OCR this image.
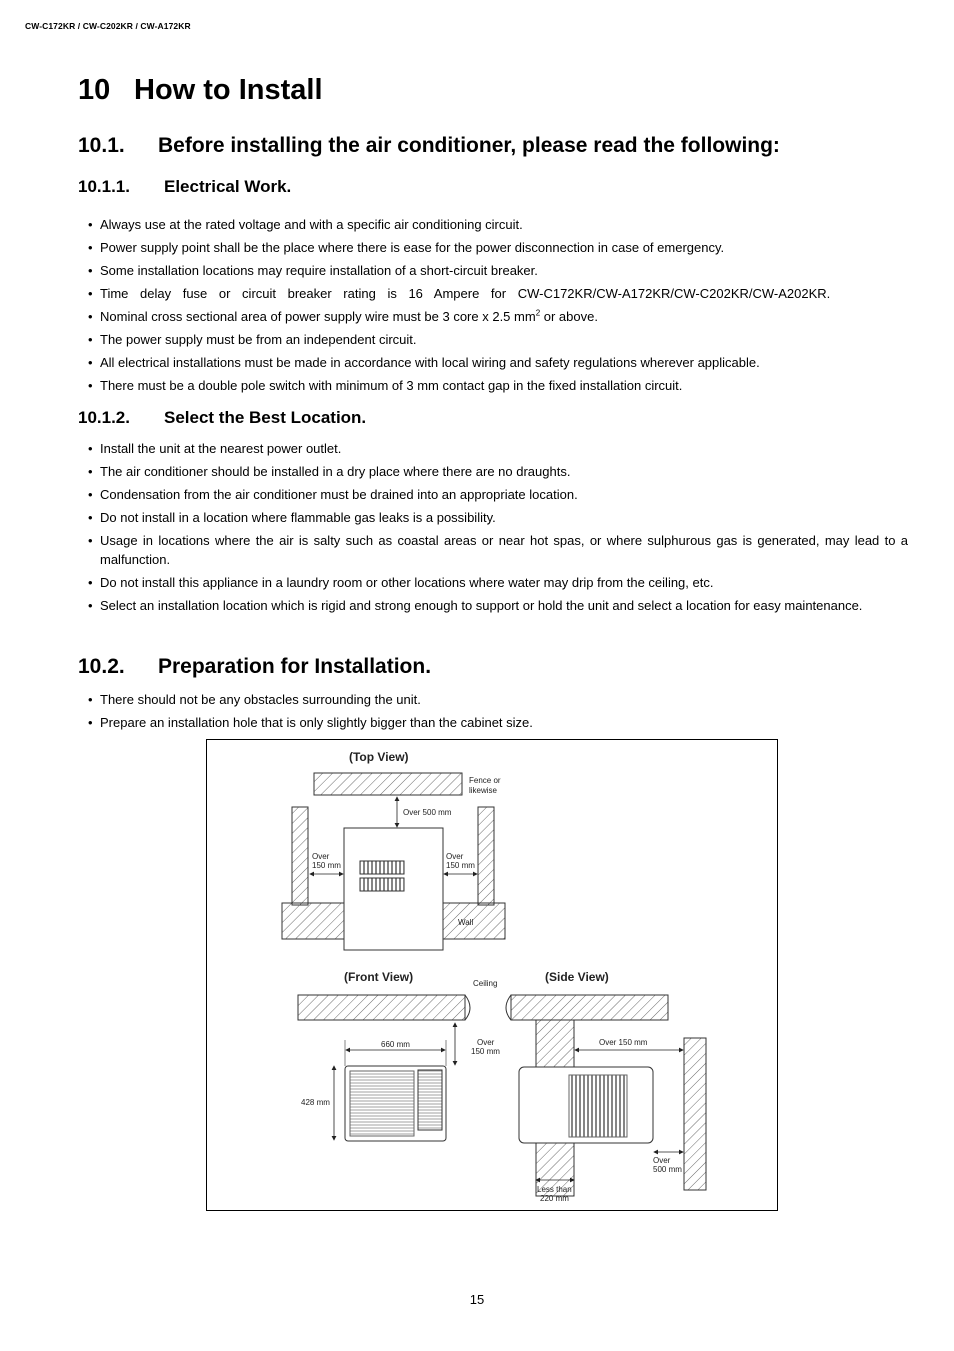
CW-C172KR / CW-C202KR / CW-A172KR
10 How to Install
10.1. Before installing the air conditioner, please read the following:
10.1.1. Electrical Work.
• Always use at the rated voltage and with a specific air conditioning circuit.
• Power supply point shall be the place where there is ease for the power disconnection in case of emergency.
• Some installation locations may require installation of a short-circuit breaker.
• Time delay fuse or circuit breaker rating is 16 Ampere for CW-C172KR/CW-A172KR/CW-C202KR/CW-A202KR.
• Nominal cross sectional area of power supply wire must be 3 core x 2.5 $mm^2$ or above.
• The power supply must be from an independent circuit.
• All electrical installations must be made in accordance with local wiring and safety regulations wherever applicable.
• There must be a double pole switch with minimum of 3 mm contact gap in the fixed installation circuit.
10.1.2. Select the Best Location.
• Install the unit at the nearest power outlet.
• The air conditioner should be installed in a dry place where there are no draughts.
• Condensation from the air conditioner must be drained into an appropriate location.
• Do not install in a location where flammable gas leaks is a possibility.
• Usage in locations where the air is salty such as coastal areas or near hot spas, or where sulphurous gas is generated, may lead to a malfunction.
• Do not install this appliance in a laundry room or other locations where water may drip from the ceiling, etc.
• Select an installation location which is rigid and strong enough to support or hold the unit and select a location for easy maintenance.
10.2. Preparation for Installation.
• There should not be any obstacles surrounding the unit.
• Prepare an installation hole that is only slightly bigger than the cabinet size.
(Top View)
Fence or
likewise
Over 500 mm
Over
150 mm
Over
150 mm
Wall
(Front View)	Ceiling	(Side View)
660 mm
428 mm
Over
150 mm
Over 150 mm
Over
500 mm
Less than
220 mm
15
